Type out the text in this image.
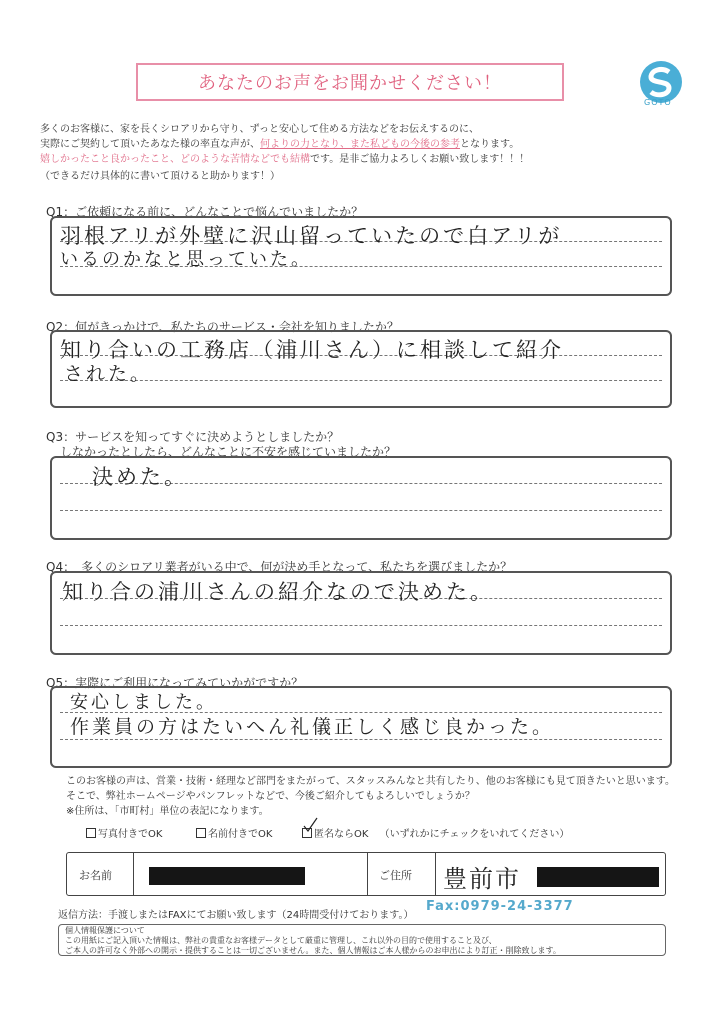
あなたのお声をお聞かせください！
GOTO
多くのお客様に、家を長くシロアリから守り、ずっと安心して住める方法などをお伝えするのに、
実際にご契約して頂いたあなた様の率直な声が、何よりの力となり、また私どもの今後の参考となります。
嬉しかったこと良かったこと、どのような苦情などでも結構です。是非ご協力よろしくお願い致します！！！
（できるだけ具体的に書いて頂けると助かります！）
Q1：ご依頼になる前に、どんなことで悩んでいましたか？
羽根アリが外壁に沢山留っていたので白アリが
いるのかなと思っていた。
Q2：何がきっかけで、私たちのサービス・会社を知りましたか？
知り合いの工務店（浦川さん）に相談して紹介
された。
Q3：サービスを知ってすぐに決めようとしましたか？
しなかったとしたら、どんなことに不安を感じていましたか？
決めた。
Q4：　多くのシロアリ業者がいる中で、何が決め手となって、私たちを選びましたか？
知り合の浦川さんの紹介なので決めた。
Q5：実際にご利用になってみていかがですか？
安心しました。
作業員の方はたいへん礼儀正しく感じ良かった。
このお客様の声は、営業・技術・経理など部門をまたがって、スタッスみんなと共有したり、他のお客様にも見て頂きたいと思います。
そこで、弊社ホームページやパンフレットなどで、今後ご紹介してもよろしいでしょうか？
※住所は、「市町村」単位の表記になります。
写真付きでOK	名前付きでOK	匿名ならOK （いずれかにチェックをいれてください）
お名前	ご住所 豊前市
返信方法：手渡しまたはFAXにてお願い致します（24時間受付けております。）
Fax:0979-24-3377
個人情報保護について
この用紙にご記入頂いた情報は、弊社の貴重なお客様データとして厳重に管理し、これ以外の目的で使用すること及び、
ご本人の許可なく外部への開示・提供することは一切ございません。また、個人情報はご本人様からのお申出により訂正・削除致します。
